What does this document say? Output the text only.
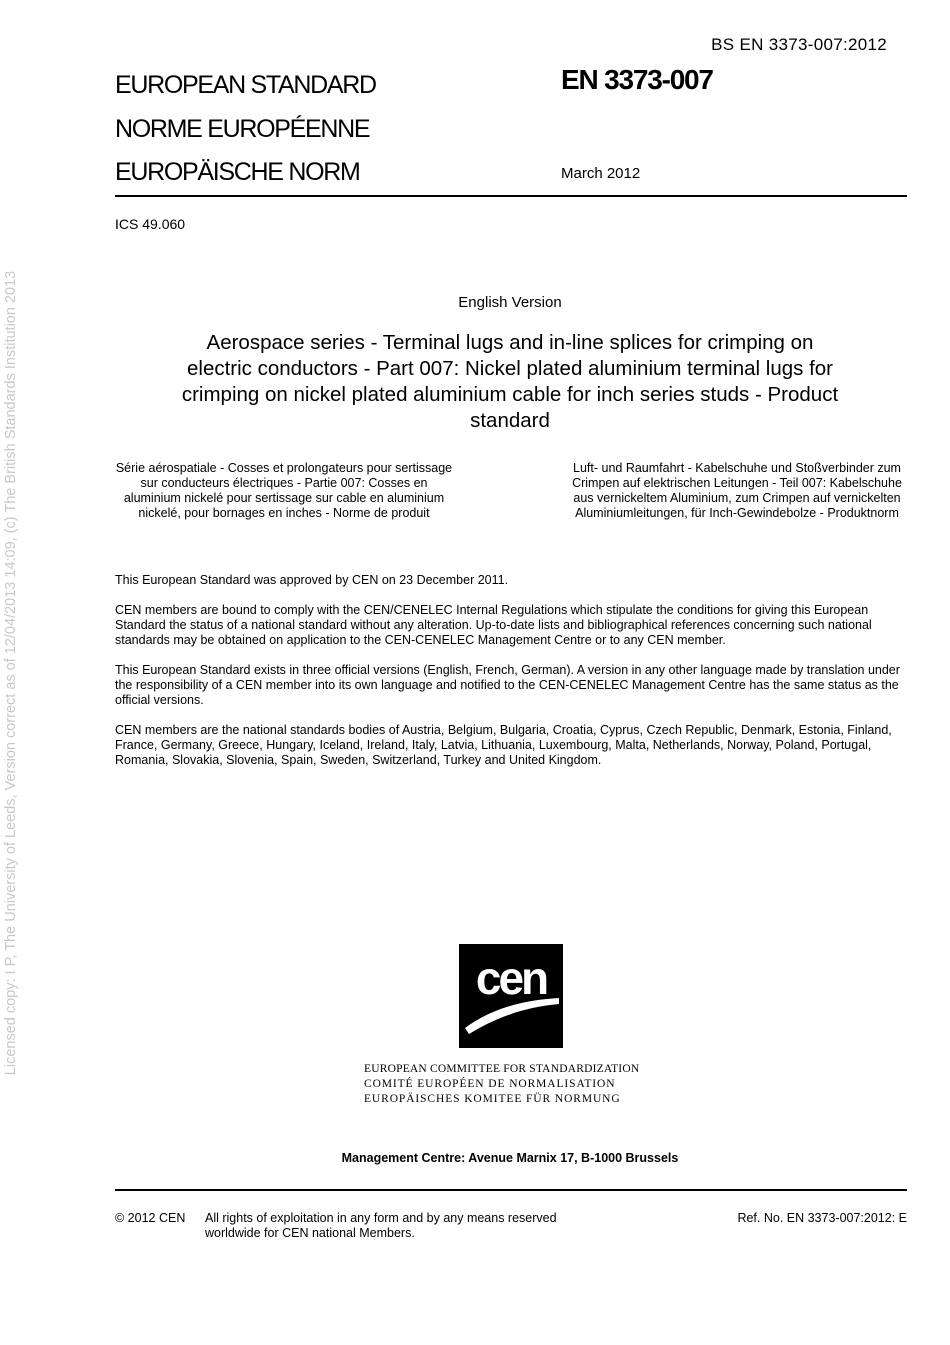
Licensed copy: I P, The University of Leeds, Version correct as of 12/04/2013 14:09, (c) The British Standards Institution 2013
BS EN 3373-007:2012
EUROPEAN STANDARD
NORME EUROPÉENNE
EUROPÄISCHE NORM
EN 3373-007
March 2012
ICS 49.060
English Version
Aerospace series - Terminal lugs and in-line splices for crimping on electric conductors - Part 007: Nickel plated aluminium terminal lugs for crimping on nickel plated aluminium cable for inch series studs - Product standard
Série aérospatiale - Cosses et prolongateurs pour sertissage sur conducteurs électriques - Partie 007: Cosses en aluminium nickelé pour sertissage sur cable en aluminium nickelé, pour bornages en inches - Norme de produit
Luft- und Raumfahrt - Kabelschuhe und Stoßverbinder zum Crimpen auf elektrischen Leitungen - Teil 007: Kabelschuhe aus vernickeltem Aluminium, zum Crimpen auf vernickelten Aluminiumleitungen, für Inch-Gewindebolze - Produktnorm

This European Standard was approved by CEN on 23 December 2011.

CEN members are bound to comply with the CEN/CENELEC Internal Regulations which stipulate the conditions for giving this European Standard the status of a national standard without any alteration. Up-to-date lists and bibliographical references concerning such national standards may be obtained on application to the CEN-CENELEC Management Centre or to any CEN member.

This European Standard exists in three official versions (English, French, German). A version in any other language made by translation under the responsibility of a CEN member into its own language and notified to the CEN-CENELEC Management Centre has the same status as the official versions.

CEN members are the national standards bodies of Austria, Belgium, Bulgaria, Croatia, Cyprus, Czech Republic, Denmark, Estonia, Finland, France, Germany, Greece, Hungary, Iceland, Ireland, Italy, Latvia, Lithuania, Luxembourg, Malta, Netherlands, Norway, Poland, Portugal, Romania, Slovakia, Slovenia, Spain, Sweden, Switzerland, Turkey and United Kingdom.

cen
EUROPEAN COMMITTEE FOR STANDARDIZATION
COMITÉ EUROPÉEN DE NORMALISATION
EUROPÄISCHES KOMITEE FÜR NORMUNG
Management Centre: Avenue Marnix 17, B-1000 Brussels
© 2012 CEN All rights of exploitation in any form and by any means reserved worldwide for CEN national Members.
Ref. No. EN 3373-007:2012: E
